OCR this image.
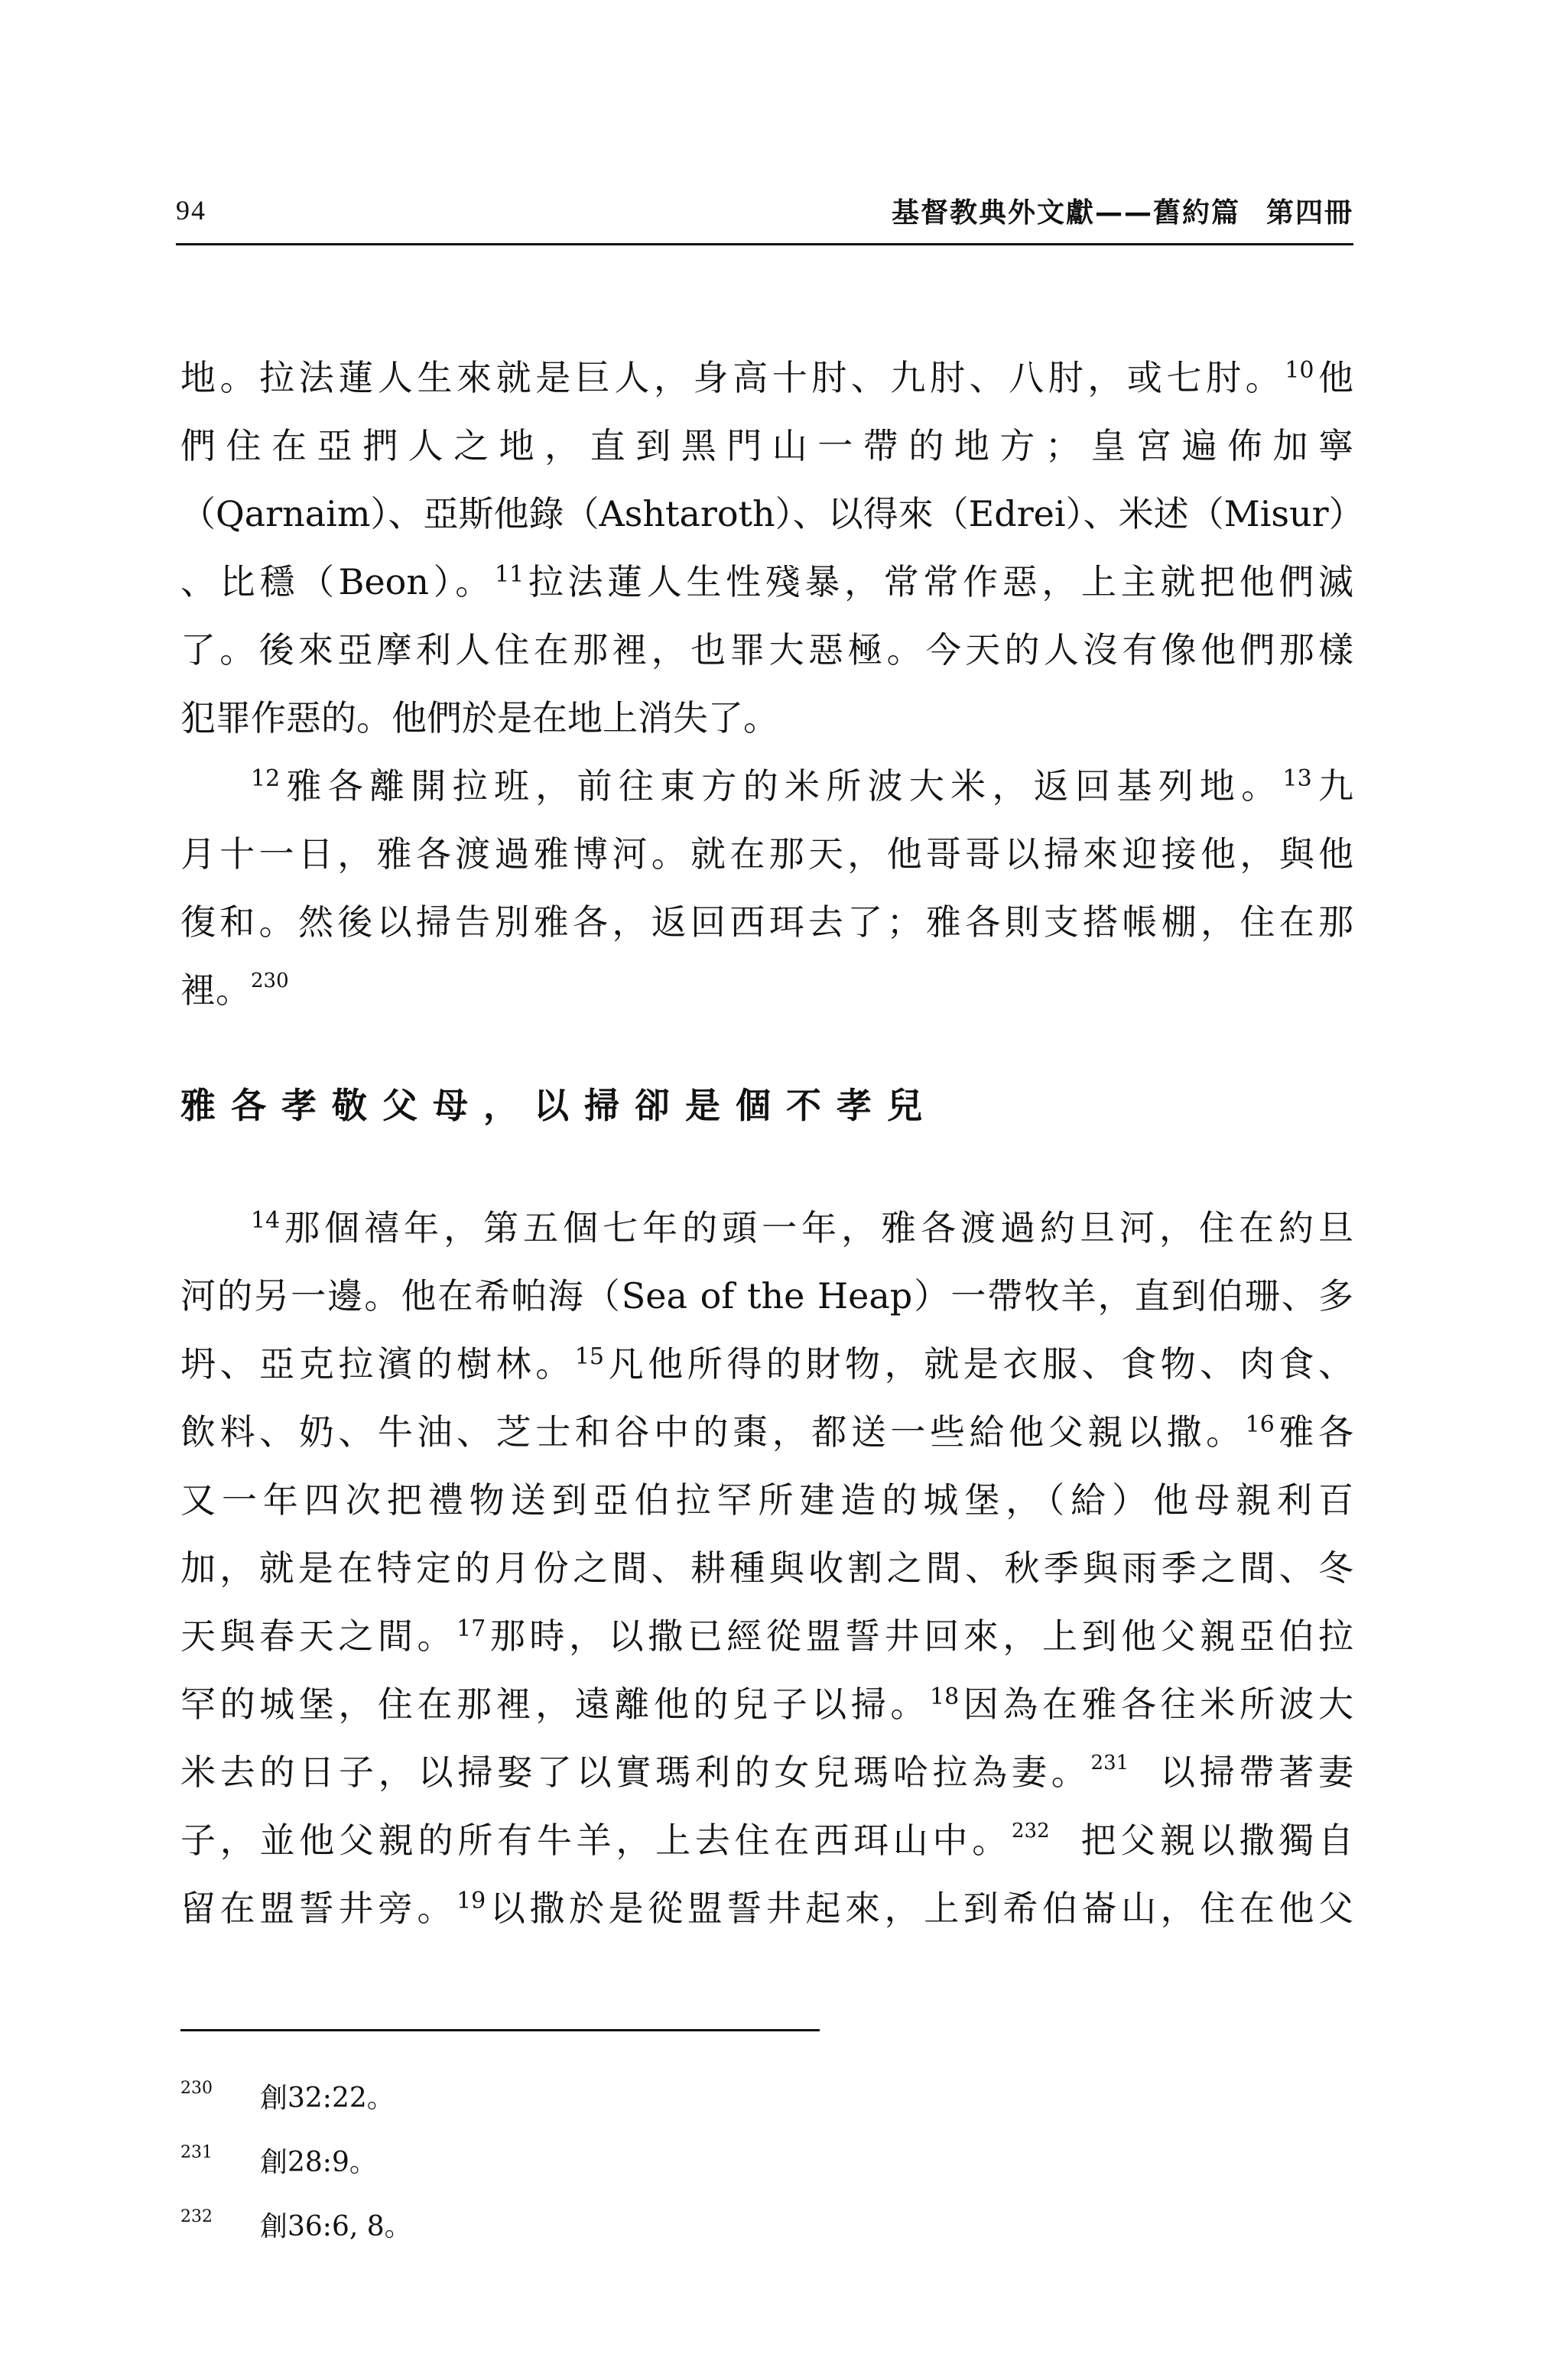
94	基督教典外文獻——舊約篇 第四冊
地。拉法蓮人生來就是巨人，身高十肘、九肘、八肘，或七肘。$^{10}$他
們住在亞捫人之地，直到黑門山一帶的地方；皇宮遍佈加寧
（Qarnaim）、亞斯他錄（Ashtaroth）、以得來（Edrei）、米述（Misur）
、比穩（Beon）。$^{11}$拉法蓮人生性殘暴，常常作惡，上主就把他們滅
了。後來亞摩利人住在那裡，也罪大惡極。今天的人沒有像他們那樣
犯罪作惡的。他們於是在地上消失了。
$^{12}$雅各離開拉班，前往東方的米所波大米，返回基列地。$^{13}$九
月十一日，雅各渡過雅博河。就在那天，他哥哥以掃來迎接他，與他
復和。然後以掃告別雅各，返回西珥去了；雅各則支搭帳棚，住在那
裡。$^{230}$
雅各孝敬父母，以掃卻是個不孝兒
$^{14}$那個禧年，第五個七年的頭一年，雅各渡過約旦河，住在約旦
河的另一邊。他在希帕海（Sea of the Heap）一帶牧羊，直到伯珊、多
坍、亞克拉濱的樹林。$^{15}$凡他所得的財物，就是衣服、食物、肉食、
飲料、奶、牛油、芝士和谷中的棗，都送一些給他父親以撒。$^{16}$雅各
又一年四次把禮物送到亞伯拉罕所建造的城堡，（給）他母親利百
加，就是在特定的月份之間、耕種與收割之間、秋季與雨季之間、冬
天與春天之間。$^{17}$那時，以撒已經從盟誓井回來，上到他父親亞伯拉
罕的城堡，住在那裡，遠離他的兒子以掃。$^{18}$因為在雅各往米所波大
米去的日子，以掃娶了以實瑪利的女兒瑪哈拉為妻。$^{231}$ 以掃帶著妻
子，並他父親的所有牛羊，上去住在西珥山中。$^{232}$ 把父親以撒獨自
留在盟誓井旁。$^{19}$以撒於是從盟誓井起來，上到希伯崙山，住在他父
230 創32:22。
231 創28:9。
232 創36:6, 8。
